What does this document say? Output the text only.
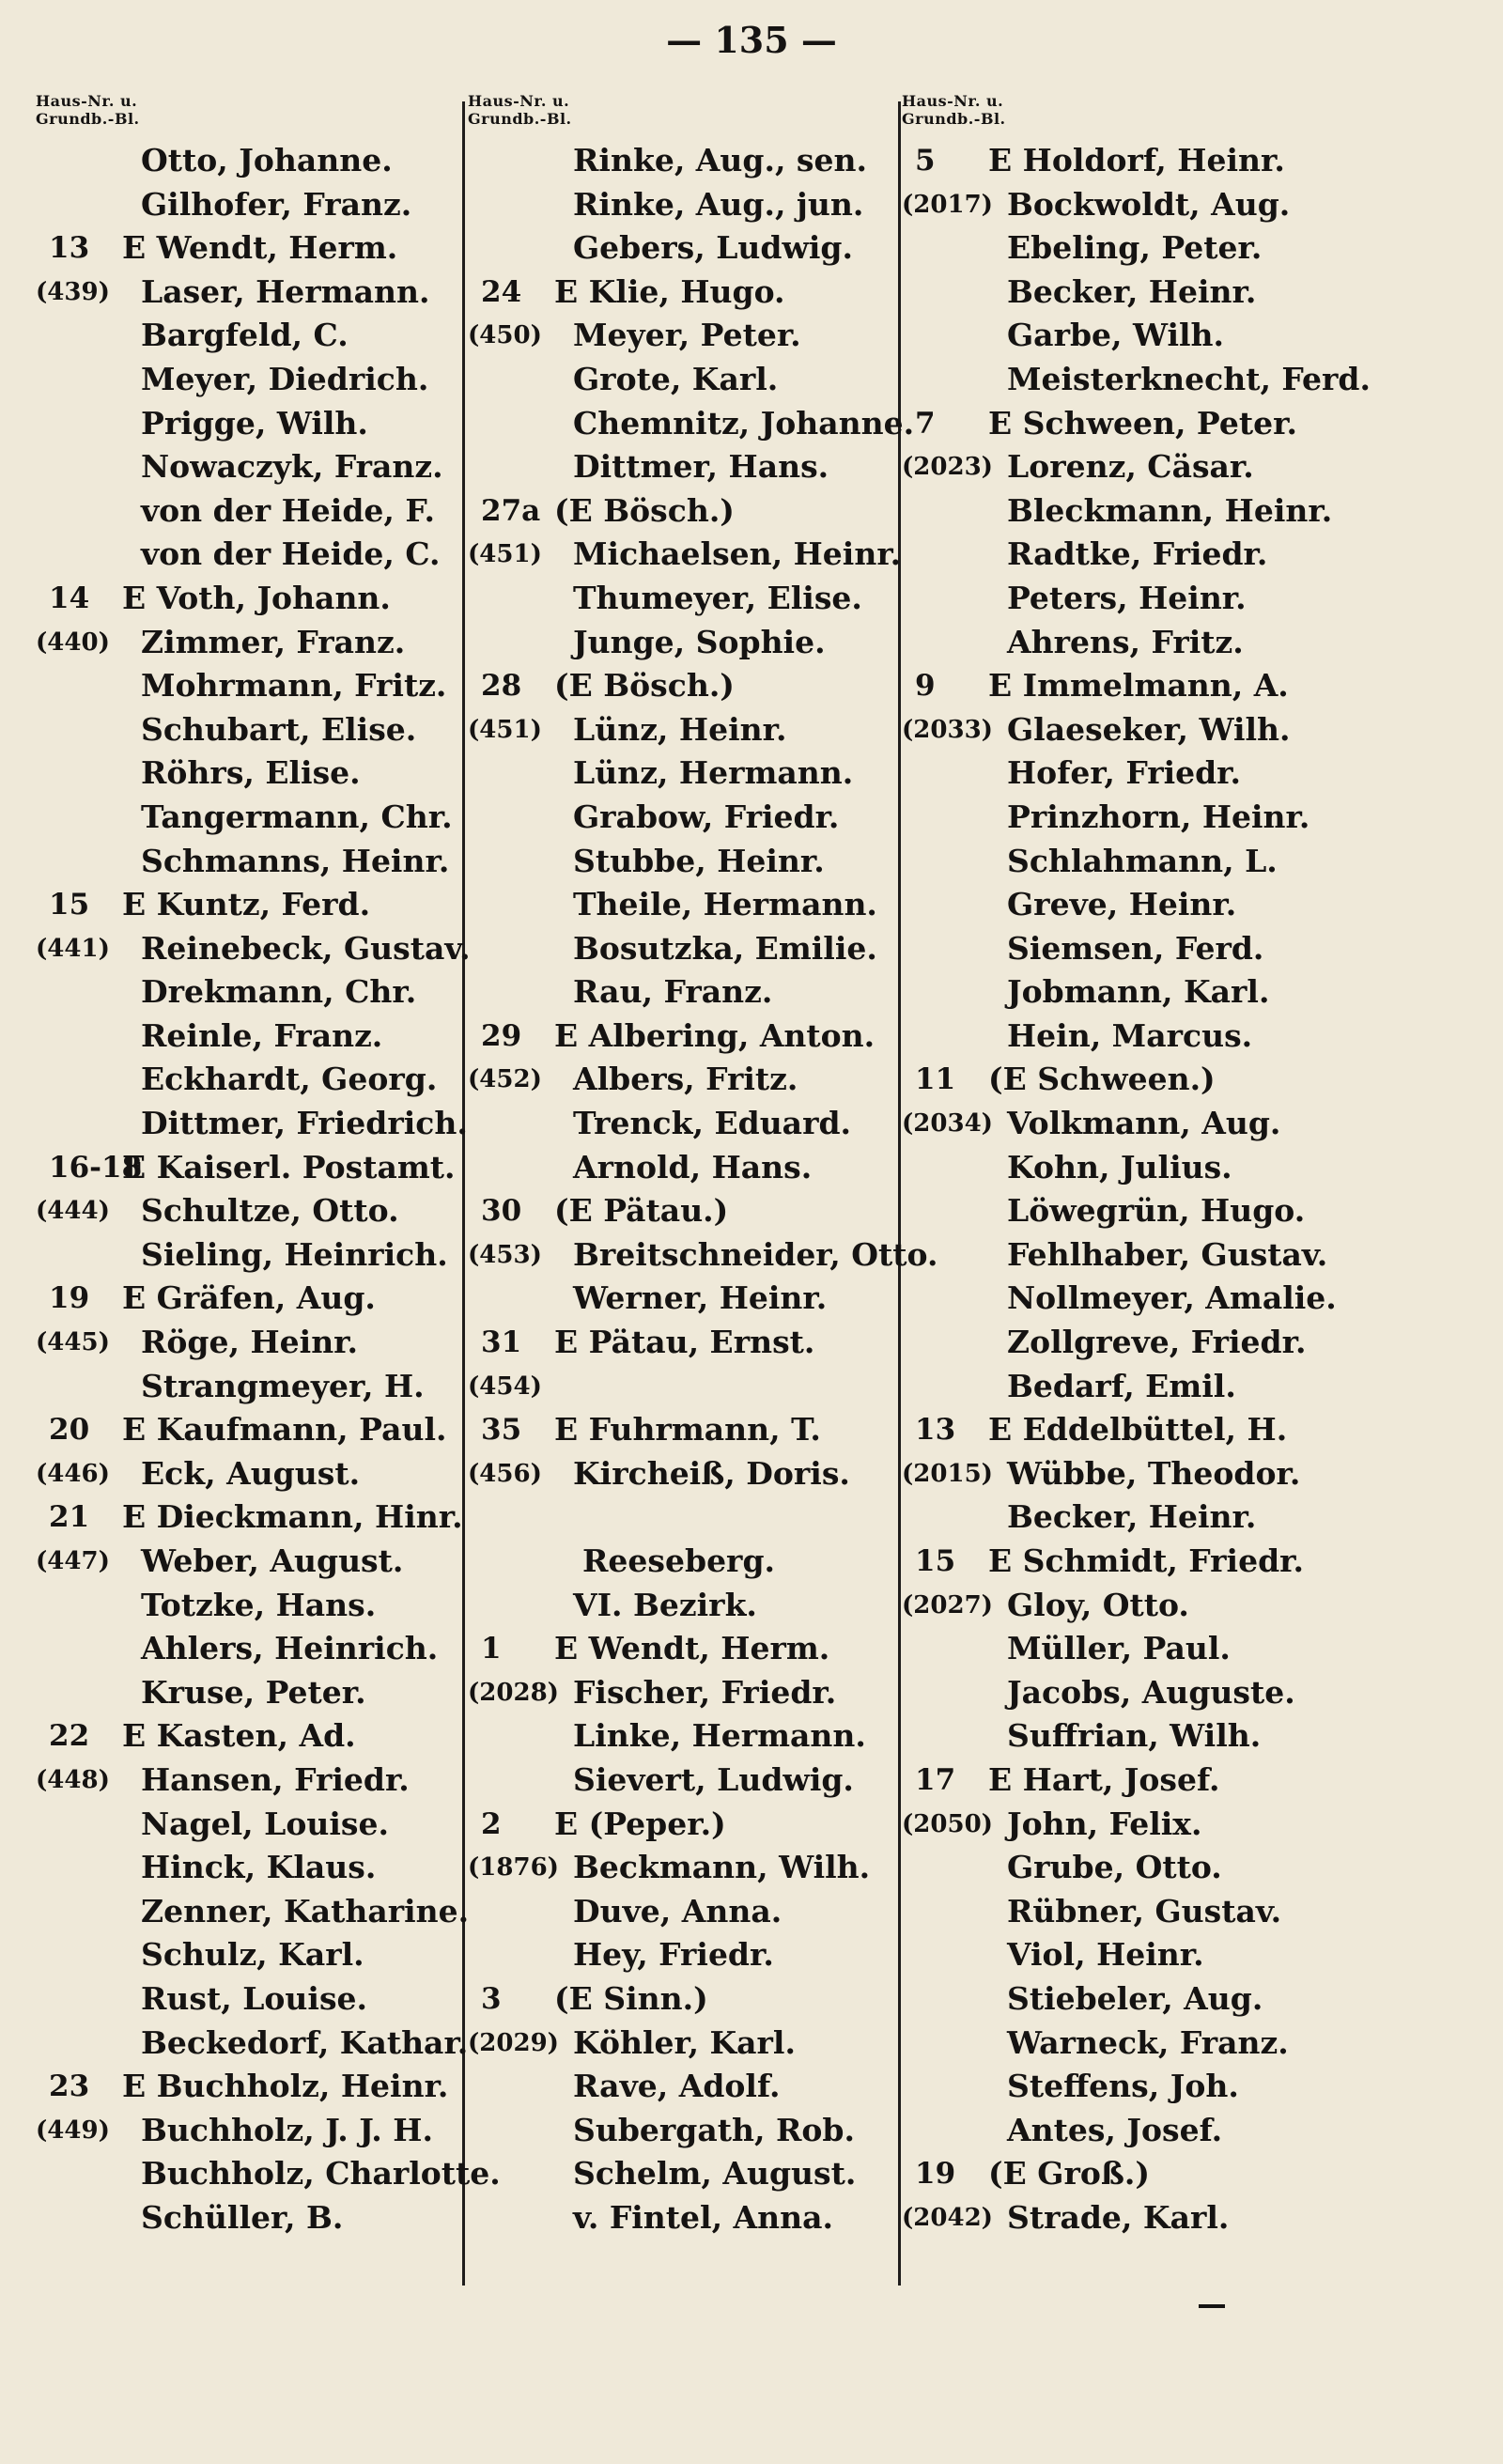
— 135 —
Haus-Nr. u.
Grundb.-Bl.
Otto, Johanne.
Gilhofer, Franz.
13 E Wendt, Herm.
(439) Laser, Hermann.
Bargfeld, C.
Meyer, Diedrich.
Prigge, Wilh.
Nowaczyk, Franz.
von der Heide, F.
von der Heide, C.
14 E Voth, Johann.
(440) Zimmer, Franz.
Mohrmann, Fritz.
Schubart, Elise.
Röhrs, Elise.
Tangermann, Chr.
Schmanns, Heinr.
15 E Kuntz, Ferd.
(441) Reinebeck, Gustav.
Drekmann, Chr.
Reinle, Franz.
Eckhardt, Georg.
Dittmer, Friedrich.
16-18
E Kaiserl. Postamt.
(444) Schultze, Otto.
Sieling, Heinrich.
19 E Gräfen, Aug.
(445) Röge, Heinr.
Strangmeyer, H.
20 E Kaufmann, Paul.
(446) Eck, August.
21 E Dieckmann, Hinr.
(447) Weber, August.
Totzke, Hans.
Ahlers, Heinrich.
Kruse, Peter.
22 E Kasten, Ad.
(448) Hansen, Friedr.
Nagel, Louise.
Hinck, Klaus.
Zenner, Katharine.
Schulz, Karl.
Rust, Louise.
Beckedorf, Kathar.
23 E Buchholz, Heinr.
(449) Buchholz, J. J. H.
Buchholz, Charlotte.
Schüller, B.
Haus-Nr. u.
Grundb.-Bl.
Rinke, Aug., sen.
Rinke, Aug., jun.
Gebers, Ludwig.
24 E Klie, Hugo.
(450) Meyer, Peter.
Grote, Karl.
Chemnitz, Johanne.
Dittmer, Hans.
27a (E Bösch.)
(451) Michaelsen, Heinr.
Thumeyer, Elise.
Junge, Sophie.
28 (E Bösch.)
(451) Lünz, Heinr.
Lünz, Hermann.
Grabow, Friedr.
Stubbe, Heinr.
Theile, Hermann.
Bosutzka, Emilie.
Rau, Franz.
29 E Albering, Anton.
(452) Albers, Fritz.
Trenck, Eduard.
Arnold, Hans.
30 (E Pätau.)
(453) Breitschneider, Otto.
Werner, Heinr.
31 E Pätau, Ernst.
(454)
35 E Fuhrmann, T.
(456) Kircheiß, Doris.
Reeseberg.
VI. Bezirk.
1 E Wendt, Herm.
(2028) Fischer, Friedr.
Linke, Hermann.
Sievert, Ludwig.
2 E (Peper.)
(1876) Beckmann, Wilh.
Duve, Anna.
Hey, Friedr.
3 (E Sinn.)
(2029) Köhler, Karl.
Rave, Adolf.
Subergath, Rob.
Schelm, August.
v. Fintel, Anna.
Haus-Nr. u.
Grundb.-Bl.
5 E Holdorf, Heinr.
(2017) Bockwoldt, Aug.
Ebeling, Peter.
Becker, Heinr.
Garbe, Wilh.
Meisterknecht, Ferd.
7 E Schween, Peter.
(2023) Lorenz, Cäsar.
Bleckmann, Heinr.
Radtke, Friedr.
Peters, Heinr.
Ahrens, Fritz.
9 E Immelmann, A.
(2033) Glaeseker, Wilh.
Hofer, Friedr.
Prinzhorn, Heinr.
Schlahmann, L.
Greve, Heinr.
Siemsen, Ferd.
Jobmann, Karl.
Hein, Marcus.
11 (E Schween.)
(2034) Volkmann, Aug.
Kohn, Julius.
Löwegrün, Hugo.
Fehlhaber, Gustav.
Nollmeyer, Amalie.
Zollgreve, Friedr.
Bedarf, Emil.
13 E Eddelbüttel, H.
(2015) Wübbe, Theodor.
Becker, Heinr.
15 E Schmidt, Friedr.
(2027) Gloy, Otto.
Müller, Paul.
Jacobs, Auguste.
Suffrian, Wilh.
17 E Hart, Josef.
(2050) John, Felix.
Grube, Otto.
Rübner, Gustav.
Viol, Heinr.
Stiebeler, Aug.
Warneck, Franz.
Steffens, Joh.
Antes, Josef.
19 (E Groß.)
(2042) Strade, Karl.
